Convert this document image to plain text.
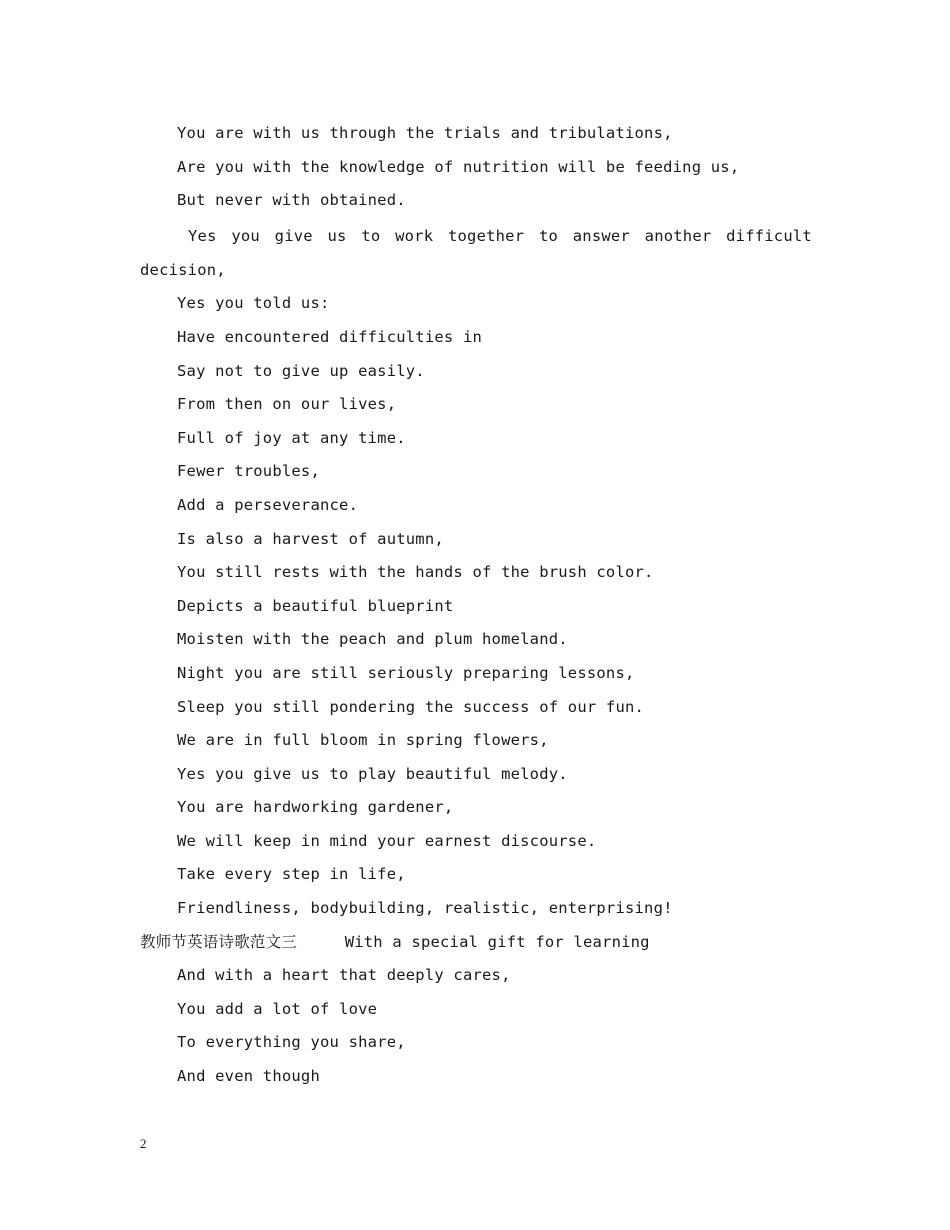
You are with us through the trials and tribulations,
Are you with the knowledge of nutrition will be feeding us,
But never with obtained.
Yes you give us to work together to answer another difficult
decision,
Yes you told us:
Have encountered difficulties in
Say not to give up easily.
From then on our lives,
Full of joy at any time.
Fewer troubles,
Add a perseverance.
Is also a harvest of autumn,
You still rests with the hands of the brush color.
Depicts a beautiful blueprint
Moisten with the peach and plum homeland.
Night you are still seriously preparing lessons,
Sleep you still pondering the success of our fun.
We are in full bloom in spring flowers,
Yes you give us to play beautiful melody.
You are hardworking gardener,
We will keep in mind your earnest discourse.
Take every step in life,
Friendliness, bodybuilding, realistic, enterprising!
教师节英语诗歌范文三	With a special gift for learning
And with a heart that deeply cares,
You add a lot of love
To everything you share,
And even though
2
